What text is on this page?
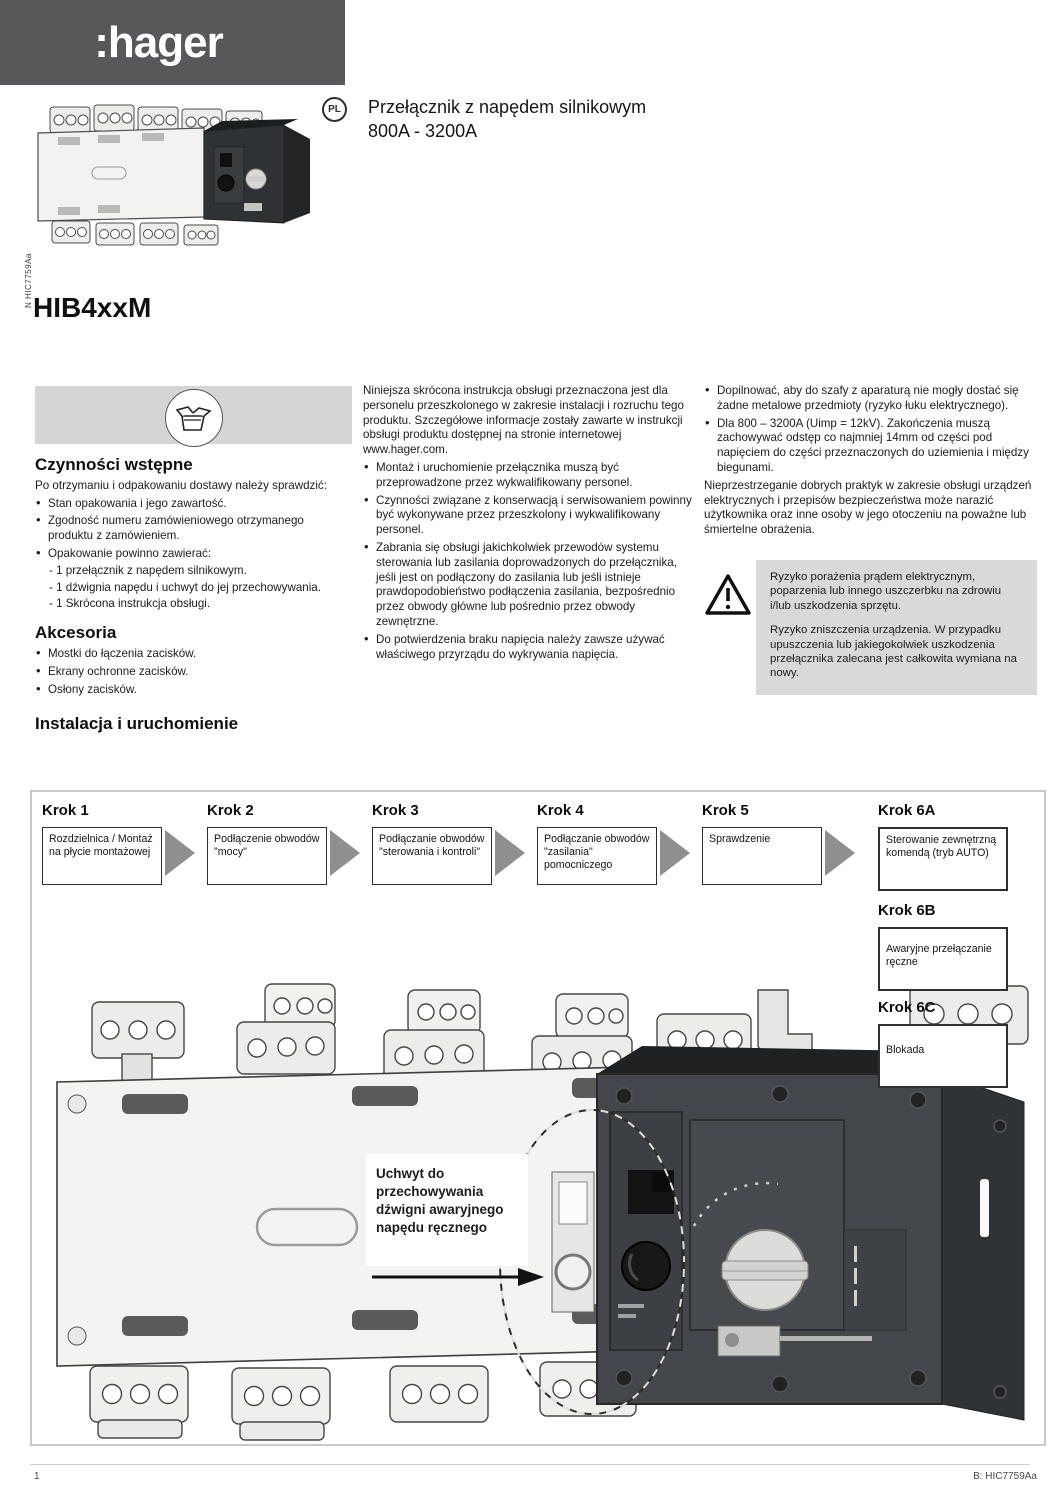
:hager
PL Przełącznik z napędem silnikowym
800A - 3200A
N HIC7759Aa HIB4xxM
Czynności wstępne

Po otrzymaniu i odpakowaniu dostawy należy sprawdzić:

• Stan opakowania i jego zawartość.
• Zgodność numeru zamówieniowego otrzymanego produktu z zamówieniem.
• Opakowanie powinno zawierać:
- 1 przełącznik z napędem silnikowym.
- 1 dźwignia napędu i uchwyt do jej przechowywania.
- 1 Skrócona instrukcja obsługi.
Akcesoria
• Mostki do łączenia zacisków.
• Ekrany ochronne zacisków.
• Osłony zacisków.
Instalacja i uruchomienie

Niniejsza skrócona instrukcja obsługi przeznaczona jest dla personelu przeszkolonego w zakresie instalacji i rozruchu tego produktu. Szczegółowe informacje zostały zawarte w instrukcji obsługi produktu dostępnej na stronie internetowej www.hager.com.

• Montaż i uruchomienie przełącznika muszą być przeprowadzone przez wykwalifikowany personel.
• Czynności związane z konserwacją i serwisowaniem powinny być wykonywane przez przeszkolony i wykwalifikowany personel.
• Zabrania się obsługi jakichkolwiek przewodów systemu sterowania lub zasilania doprowadzonych do przełącznika, jeśli jest on podłączony do zasilania lub jeśli istnieje prawdopodobieństwo podłączenia zasilania, bezpośrednio przez obwody główne lub pośrednio przez obwody zewnętrzne.
• Do potwierdzenia braku napięcia należy zawsze używać właściwego przyrządu do wykrywania napięcia.
• Dopilnować, aby do szafy z aparaturą nie mogły dostać się żadne metalowe przedmioty (ryzyko łuku elektrycznego).
• Dla 800 – 3200A (Uimp = 12kV). Zakończenia muszą zachowywać odstęp co najmniej 14mm od części pod napięciem do części przeznaczonych do uziemienia i między biegunami.

Nieprzestrzeganie dobrych praktyk w zakresie obsługi urządzeń elektrycznych i przepisów bezpieczeństwa może narazić użytkownika oraz inne osoby w jego otoczeniu na poważne lub śmiertelne obrażenia.

Ryzyko porażenia prądem elektrycznym, poparzenia lub innego uszczerbku na zdrowiu i/lub uszkodzenia sprzętu.

Ryzyko zniszczenia urządzenia. W przypadku upuszczenia lub jakiegokolwiek uszkodzenia przełącznika zalecana jest całkowita wymiana na nowy.

Krok 1
Rozdzielnica / Montaż na płycie montażowej
Krok 2
Podłączenie obwodów "mocy"
Krok 3
Podłączanie obwodów "sterowania i kontroli"
Krok 4
Podłączanie obwodów "zasilania" pomocniczego
Krok 5
Sprawdzenie
Krok 6A
Sterowanie zewnętrzną komendą (tryb AUTO)
Krok 6B
Awaryjne przełączanie ręczne
Krok 6C
Blokada
Uchwyt do
przechowywania
dźwigni awaryjnego
napędu ręcznego
1	B: HIC7759Aa
